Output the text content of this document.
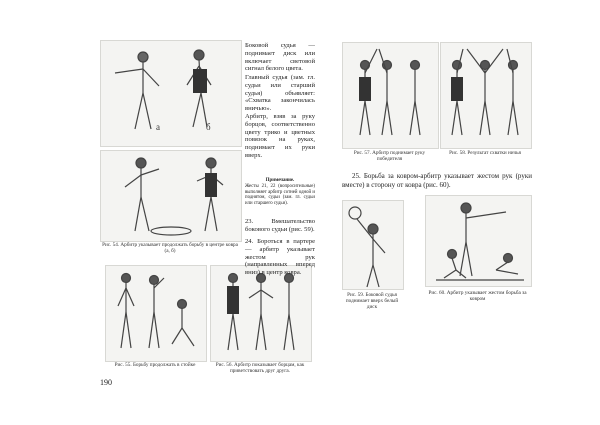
а	б
Рис. 54. Арбитр указывает продолжать борьбу в центре ковра (а, б)
Рис. 55. Борьбу продолжать в стойке	Рис. 56. Арбитр показывает борцам, как приветствовать друг друга.
190
Боковой судья — поднимает диск или включает световой сигнал белого цвета.
Главный судья (зам. гл. судьи или старший судья) объявляет: «Схватка закончилась вничью».
Арбитр, взяв за руку борцов, соответственно цвету трико и цветных повязок на руках, поднимает их руки вверх.
Примечание.
Жесты 21, 22 (вопросительные) выполняет арбитр сотней одной и поднятом, судьи (зам. гл. судьи или старшего судьи).
23. Вмешательство бокового судьи (рис. 59).
24. Бороться в партере — арбитр указывает жестом рук (направленных вперед вниз) в центр ковра.
Рис. 57. Арбитр поднимает руку победителя
Рис. 58. Результат схватки ничья
25. Борьба за ковром-арбитр указывает жестом рук (руки вместе) в сторону от ковра (рис. 60).
Рис. 59. Боковой судья поднимает вверх белый диск
Рис. 60. Арбитр указывает жестом борьба за ковром
